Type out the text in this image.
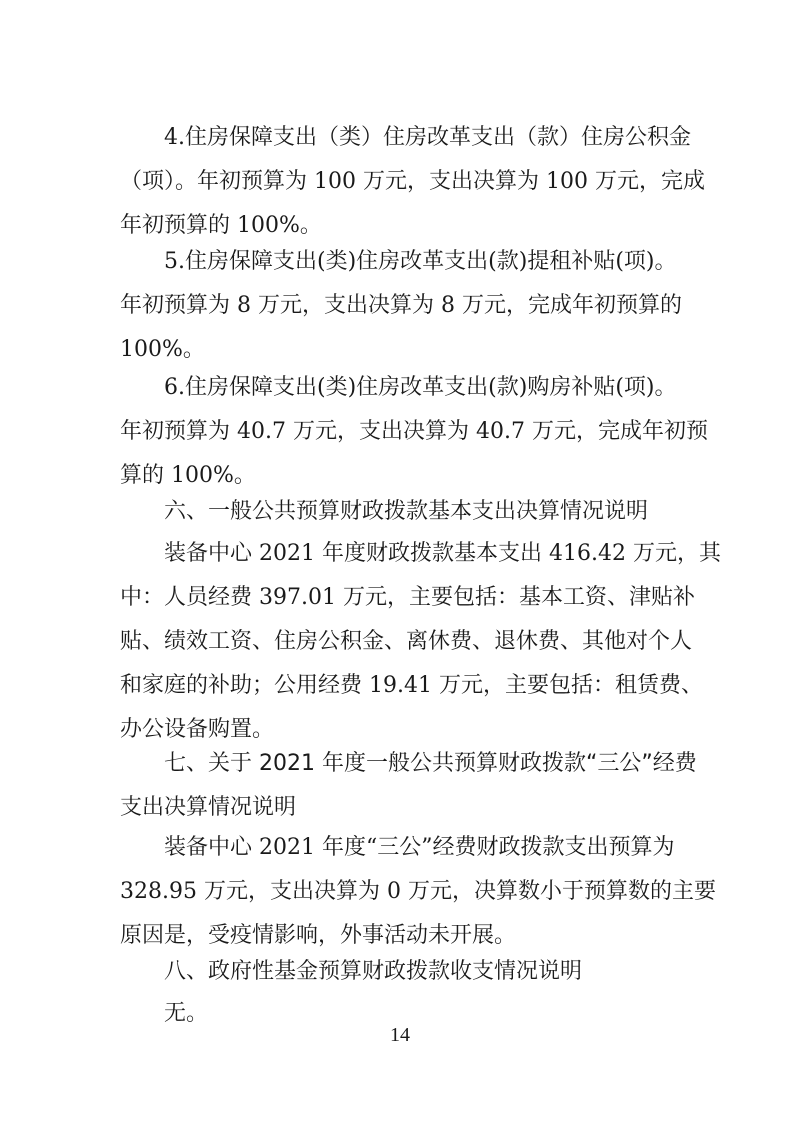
4.住房保障支出（类）住房改革支出（款）住房公积金
（项）。年初预算为 100 万元，支出决算为 100 万元，完成
年初预算的 100%。
5.住房保障支出(类)住房改革支出(款)提租补贴(项)。
年初预算为 8 万元，支出决算为 8 万元，完成年初预算的
100%。
6.住房保障支出(类)住房改革支出(款)购房补贴(项)。
年初预算为 40.7 万元，支出决算为 40.7 万元，完成年初预
算的 100%。
六、一般公共预算财政拨款基本支出决算情况说明
装备中心 2021 年度财政拨款基本支出 416.42 万元，其
中：人员经费 397.01 万元，主要包括：基本工资、津贴补
贴、绩效工资、住房公积金、离休费、退休费、其他对个人
和家庭的补助；公用经费 19.41 万元，主要包括：租赁费、
办公设备购置。
七、关于 2021 年度一般公共预算财政拨款“三公”经费
支出决算情况说明
装备中心 2021 年度“三公”经费财政拨款支出预算为
328.95 万元，支出决算为 0 万元，决算数小于预算数的主要
原因是，受疫情影响，外事活动未开展。
八、政府性基金预算财政拨款收支情况说明
无。
14
